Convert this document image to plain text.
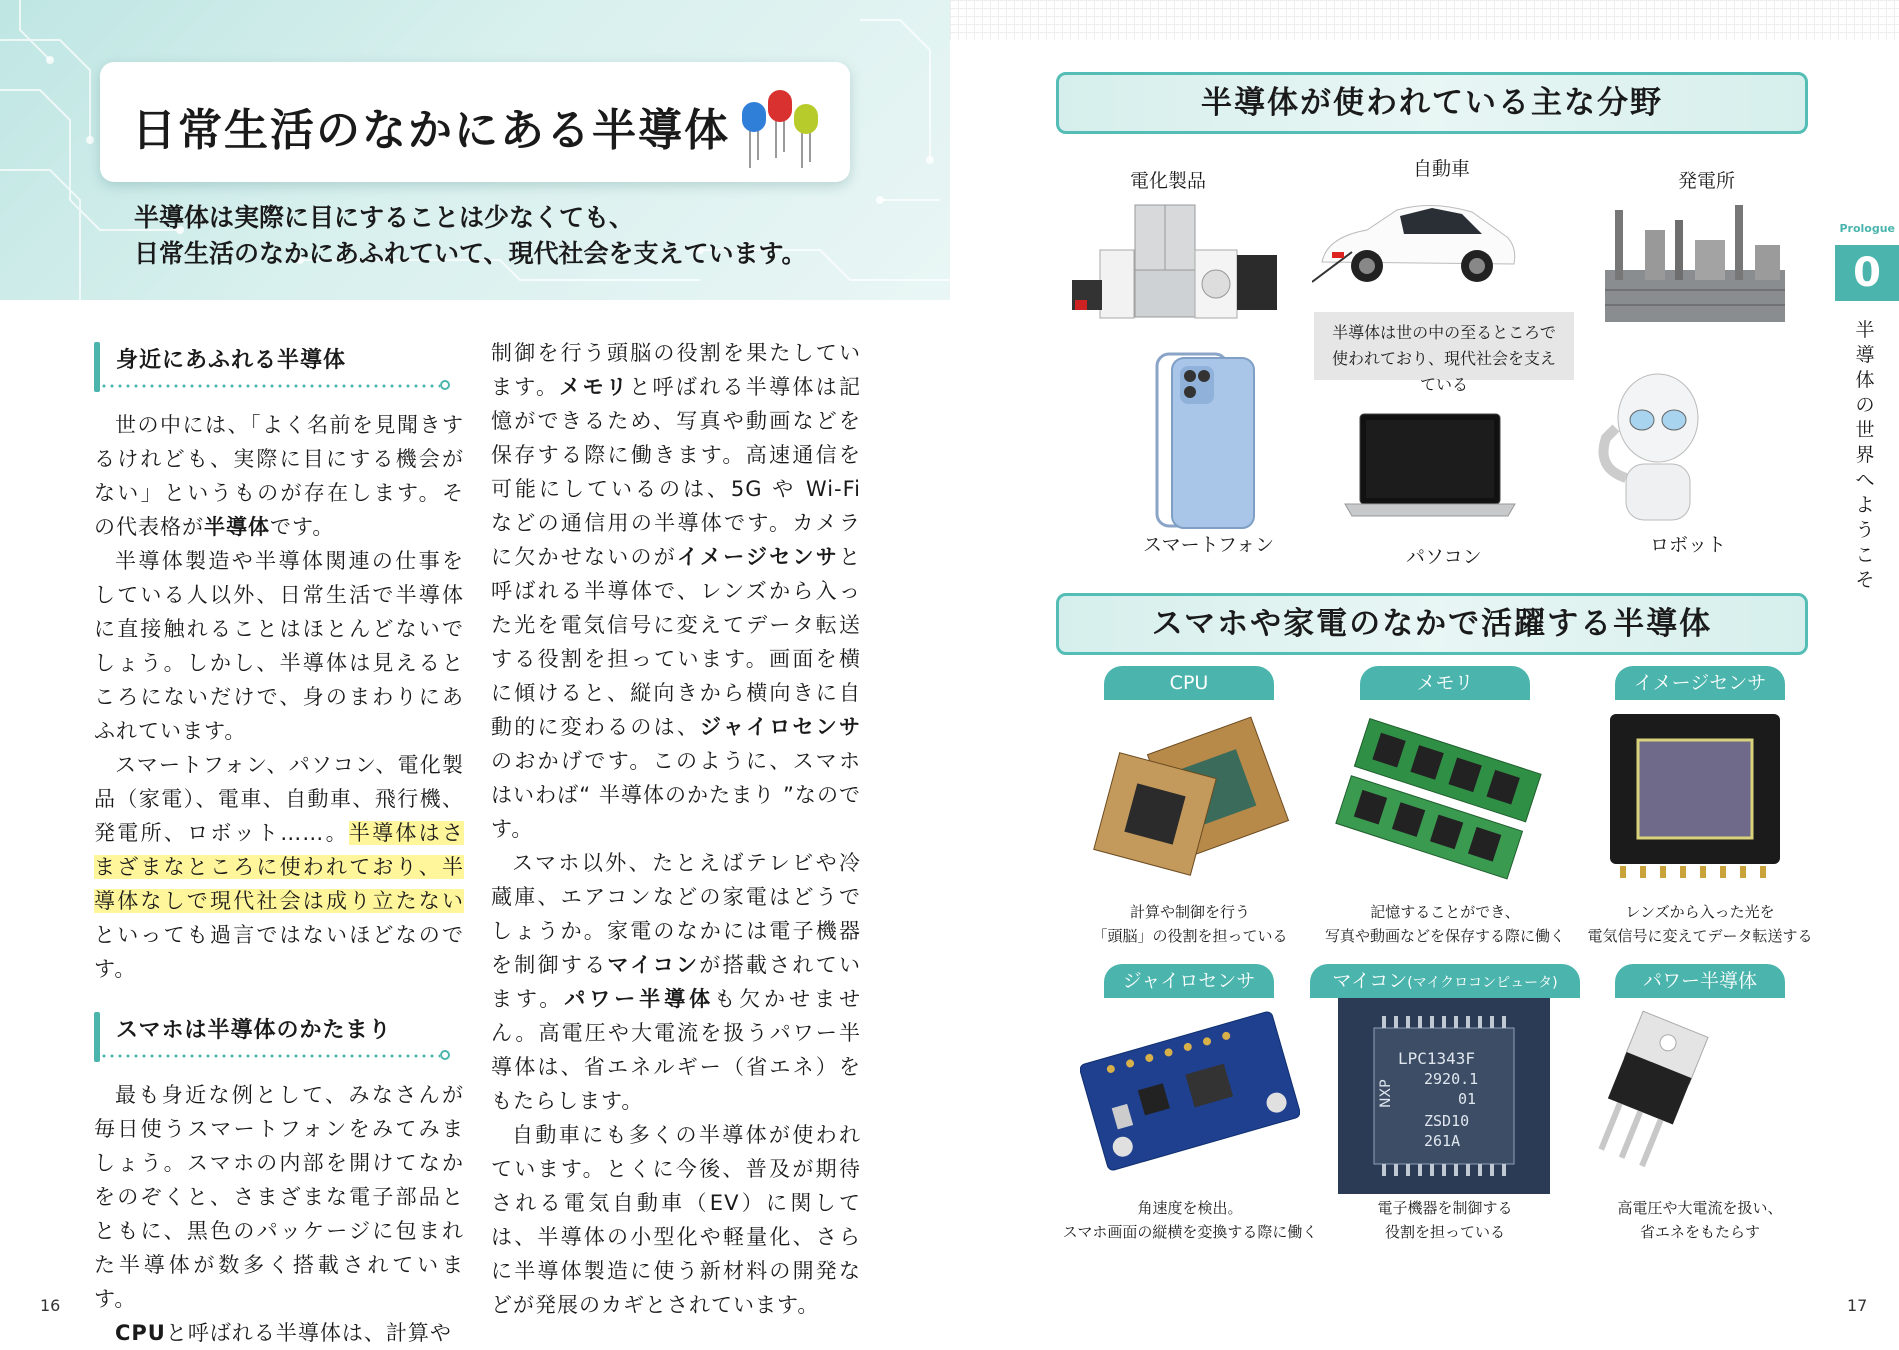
日常生活のなかにある半導体
半導体は実際に目にすることは少なくても、
日常生活のなかにあふれていて、現代社会を支えています。
身近にあふれる半導体

世の中には、「よく名前を見聞きするけれども、実際に目にする機会がない」というものが存在します。その代表格が半導体です。

半導体製造や半導体関連の仕事をしている人以外、日常生活で半導体に直接触れることはほとんどないでしょう。しかし、半導体は見えるところにないだけで、身のまわりにあふれています。

スマートフォン、パソコン、電化製品（家電）、電車、自動車、飛行機、発電所、ロボット……。半導体はさまざまなところに使われており、半導体なしで現代社会は成り立たないといっても過言ではないほどなのです。

スマホは半導体のかたまり

最も身近な例として、みなさんが毎日使うスマートフォンをみてみましょう。スマホの内部を開けてなかをのぞくと、さまざまな電子部品とともに、黒色のパッケージに包まれた半導体が数多く搭載されています。

CPUと呼ばれる半導体は、計算や

制御を行う頭脳の役割を果たしています。メモリと呼ばれる半導体は記憶ができるため、写真や動画などを保存する際に働きます。高速通信を可能にしているのは、5G や Wi-Fi などの通信用の半導体です。カメラに欠かせないのがイメージセンサと呼ばれる半導体で、レンズから入った光を電気信号に変えてデータ転送する役割を担っています。画面を横に傾けると、縦向きから横向きに自動的に変わるのは、ジャイロセンサのおかげです。このように、スマホはいわば“ 半導体のかたまり ”なのです。

スマホ以外、たとえばテレビや冷蔵庫、エアコンなどの家電はどうでしょうか。家電のなかには電子機器を制御するマイコンが搭載されています。パワー半導体も欠かせません。高電圧や大電流を扱うパワー半導体は、省エネルギー（省エネ）をもたらします。

自動車にも多くの半導体が使われています。とくに今後、普及が期待される電気自動車（EV）に関しては、半導体の小型化や軽量化、さらに半導体製造に使う新材料の開発などが発展のカギとされています。

16
半導体が使われている主な分野
電化製品
自動車
発電所
半導体は世の中の至るところで使われており、現代社会を支えている
スマートフォン
パソコン
ロボット
スマホや家電のなかで活躍する半導体
CPU	メモリ	イメージセンサ
計算や制御を行う
「頭脳」の役割を担っている
記憶することができ、
写真や動画などを保存する際に働く
レンズから入った光を
電気信号に変えてデータ転送する
ジャイロセンサ	マイコン(マイクロコンピュータ)	パワー半導体
LPC1343F
2920.1
01
ZSD10
261A
NXP
角速度を検出。
スマホ画面の縦横を変換する際に働く
電子機器を制御する
役割を担っている
高電圧や大電流を扱い、
省エネをもたらす
Prologue
0
半導体の世界へようこそ
17
